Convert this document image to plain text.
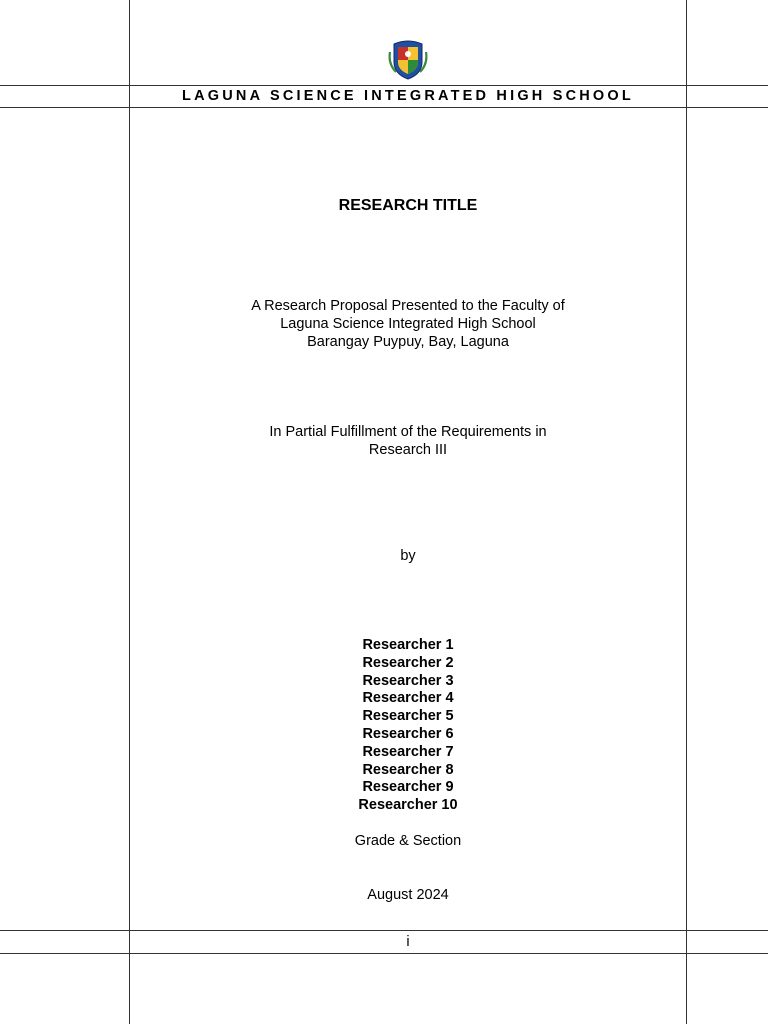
LAGUNA SCIENCE INTEGRATED HIGH SCHOOL
RESEARCH TITLE
A Research Proposal Presented to the Faculty of
Laguna Science Integrated High School
Barangay Puypuy, Bay, Laguna
In Partial Fulfillment of the Requirements in
Research III
by
Researcher 1
Researcher 2
Researcher 3
Researcher 4
Researcher 5
Researcher 6
Researcher 7
Researcher 8
Researcher 9
Researcher 10
Grade & Section
August 2024
i
